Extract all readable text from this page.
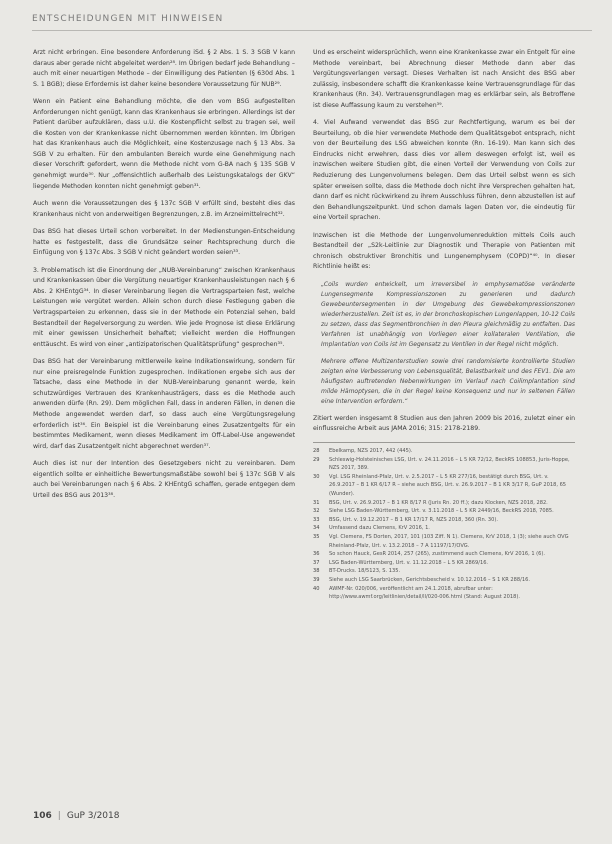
ENTSCHEIDUNGEN MIT HINWEISEN

Arzt nicht erbringen. Eine besondere Anforderung iSd. § 2 Abs. 1 S. 3 SGB V kann daraus aber gerade nicht abgeleitet werden²⁸. Im Übrigen bedarf jede Behandlung – auch mit einer neuartigen Methode – der Einwilligung des Patienten (§ 630d Abs. 1 S. 1 BGB); diese Erfordernis ist daher keine besondere Voraussetzung für NUB²⁹.

Wenn ein Patient eine Behandlung möchte, die den vom BSG aufgestellten Anforderungen nicht genügt, kann das Krankenhaus sie erbringen. Allerdings ist der Patient darüber aufzuklären, dass u.U. die Kostenpflicht selbst zu tragen sei, weil die Kosten von der Krankenkasse nicht übernommen werden könnten. Im Übrigen hat das Krankenhaus auch die Möglichkeit, eine Kostenzusage nach § 13 Abs. 3a SGB V zu erhalten. Für den ambulanten Bereich wurde eine Genehmigung nach dieser Vorschrift gefordert, wenn die Methode nicht vom G-BA nach § 135 SGB V genehmigt wurde³⁰. Nur „offensichtlich außerhalb des Leistungskatalogs der GKV“ liegende Methoden konnten nicht genehmigt geben³¹.

Auch wenn die Voraussetzungen des § 137c SGB V erfüllt sind, besteht dies das Krankenhaus nicht von anderweitigen Begrenzungen, z.B. im Arzneimittelrecht³².

Das BSG hat dieses Urteil schon vorbereitet. In der Medienstungen-Entscheidung hatte es festgestellt, dass die Grundsätze seiner Rechtsprechung durch die Einfügung von § 137c Abs. 3 SGB V nicht geändert worden seien³³.

3. Problematisch ist die Einordnung der „NUB-Vereinbarung“ zwischen Krankenhaus und Krankenkassen über die Vergütung neuartiger Krankenhausleistungen nach § 6 Abs. 2 KHEntgG³⁴. In dieser Vereinbarung liegen die Vertragsparteien fest, welche Leistungen wie vergütet werden. Allein schon durch diese Festlegung gaben die Vertragsparteien zu erkennen, dass sie in der Methode ein Potenzial sehen, bald Bestandteil der Regelversorgung zu werden. Wie jede Prognose ist diese Erklärung mit einer gewissen Unsicherheit behaftet; vielleicht werden die Hoffnungen enttäuscht. Es wird von einer „antizipatorischen Qualitätsprüfung“ gesprochen³⁵.

Das BSG hat der Vereinbarung mittlerweile keine Indikationswirkung, sondern für nur eine preisregelnde Funktion zugesprochen. Indikationen ergebe sich aus der Tatsache, dass eine Methode in der NUB-Vereinbarung genannt werde, kein schutzwürdiges Vertrauen des Krankenhausträgers, dass es die Methode auch anwenden dürfe (Rn. 29). Dem möglichen Fall, dass in anderen Fällen, in denen die Methode angewendet werden darf, so dass auch eine Vergütungsregelung erforderlich ist³⁶. Ein Beispiel ist die Vereinbarung eines Zusatzentgelts für ein bestimmtes Medikament, wenn dieses Medikament im Off-Label-Use angewendet wird, darf das Zusatzentgelt nicht abgerechnet werden³⁷.

Auch dies ist nur der Intention des Gesetzgebers nicht zu vereinbaren. Dem eigentlich sollte er einheitliche Bewertungsmaßstäbe sowohl bei § 137c SGB V als auch bei Vereinbarungen nach § 6 Abs. 2 KHEntgG schaffen, gerade entgegen dem Urteil des BSG aus 2013³⁸.

Und es erscheint widersprüchlich, wenn eine Krankenkasse zwar ein Entgelt für eine Methode vereinbart, bei Abrechnung dieser Methode dann aber das Vergütungsverlangen versagt. Dieses Verhalten ist nach Ansicht des BSG aber zulässig, insbesondere schafft die Krankenkasse keine Vertrauensgrundlage für das Krankenhaus (Rn. 34). Vertrauensgrundlagen mag es erklärbar sein, als Betroffene ist diese Auffassung kaum zu verstehen³⁹.

4. Viel Aufwand verwendet das BSG zur Rechtfertigung, warum es bei der Beurteilung, ob die hier verwendete Methode dem Qualitätsgebot entsprach, nicht von der Beurteilung des LSG abweichen konnte (Rn. 16-19). Man kann sich des Eindrucks nicht erwehren, dass dies vor allem deswegen erfolgt ist, weil es inzwischen weitere Studien gibt, die einen Vorteil der Verwendung von Coils zur Reduzierung des Lungenvolumens belegen. Dem das Urteil selbst wenn es sich später erweisen sollte, dass die Methode doch nicht ihre Versprechen gehalten hat, dann darf es nicht rückwirkend zu ihrem Ausschluss führen, denn abzustellen ist auf den Behandlungszeitpunkt. Und schon damals lagen Daten vor, die eindeutig für eine Vorteil sprachen.

Inzwischen ist die Methode der Lungenvolumenreduktion mittels Coils auch Bestandteil der „S2k-Leitlinie zur Diagnostik und Therapie von Patienten mit chronisch obstruktiver Bronchitis und Lungenemphysem (COPD)“⁴⁰. In dieser Richtlinie heißt es:

„Coils wurden entwickelt, um irreversibel in emphysematöse veränderte Lungensegmente Kompressionszonen zu generieren und dadurch Gewebeuntersegmenten in der Umgebung des Gewebekompressionszonen wiederherzustellen. Zeit ist es, in der bronchoskopischen Lungenlappen, 10-12 Coils zu setzen, dass das Segmentbronchien in den Pleura gleichmäßig zu entfalten. Das Verfahren ist unabhängig von Vorliegen einer kollateralen Ventilation, die Implantation von Coils ist im Gegensatz zu Ventilen in der Regel nicht möglich.
Mehrere offene Multizenterstudien sowie drei randomisierte kontrollierte Studien zeigten eine Verbesserung von Lebensqualität, Belastbarkeit und des FEV1. Die am häufigsten auftretenden Nebenwirkungen im Verlauf nach Coilimplantation sind milde Hämoptysen, die in der Regel keine Konsequenz und nur in seltenen Fällen eine Intervention erfordern.“

Zitiert werden insgesamt 8 Studien aus den Jahren 2009 bis 2016, zuletzt einer ein einflussreiche Arbeit aus JAMA 2016; 315: 2178-2189.

28	Ebelkamp, NZS 2017, 442 (445).
29	Schleswig-Holsteinisches LSG, Urt. v. 24.11.2016 – L 5 KR 72/12, BeckRS 108853, Juris-Hoppe, NZS 2017, 389.
30	Vgl. LSG Rheinland-Pfalz, Urt. v. 2.5.2017 – L 5 KR 277/16, bestätigt durch BSG, Urt. v. 26.9.2017 – B 1 KR 6/17 R – siehe auch BSG, Urt. v. 26.9.2017 – B 1 KR 3/17 R, GuP 2018, 65 (Wunder).
31	BSG, Urt. v. 26.9.2017 – B 1 KR 8/17 R (Juris Rn. 20 ff.); dazu Klocken, NZS 2018, 282.
32	Siehe LSG Baden-Württemberg, Urt. v. 3.11.2018 – L 5 KR 2449/16, BeckRS 2018, 7085.
33	BSG, Urt. v. 19.12.2017 – B 1 KR 17/17 R, NZS 2018, 360 (Rn. 30).
34	Umfassend dazu Clemens, KrV 2016, 1.
35	Vgl. Clemens, FS Dorten, 2017, 101 (103 Ziff. N 1). Clemens, KrV 2018, 1 (3); siehe auch OVG Rheinland-Pfalz, Urt. v. 13.2.2018 – 7 A 11197/17/OVG.
36	So schon Hauck, GesR 2014, 257 (265), zustimmend auch Clemens, KrV 2016, 1 (6).
37	LSG Baden-Württemberg, Urt. v. 11.12.2018 – L 5 KR 2869/16.
38	BT-Drucks. 18/5123, S. 135.
39	Siehe auch LSG Saarbrücken, Gerichtsbescheid v. 10.12.2016 – S 1 KR 288/16.
40	AWMF-Nr. 020/006, veröffentlicht am 24.1.2018, abrufbar unter: http://www.awmf.org/leitlinien/detail/ll/020-006.html (Stand: August 2018).
106 | GuP 3/2018
